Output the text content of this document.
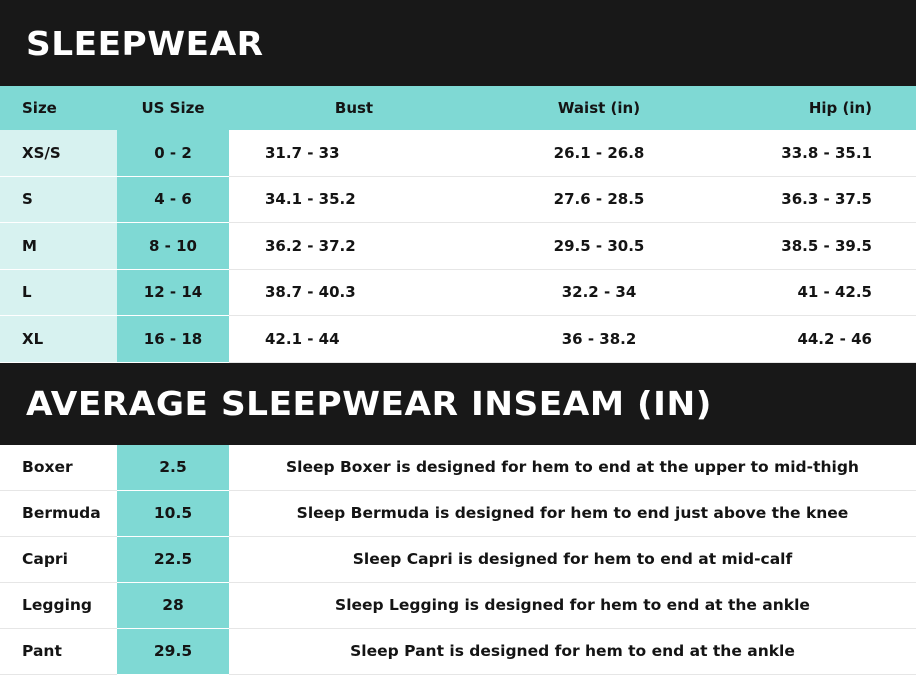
SLEEPWEAR
Size	US Size	Bust	Waist (in)	Hip (in)
XS/S	0 - 2	31.7 - 33	26.1 - 26.8	33.8 - 35.1
S	4 - 6	34.1 - 35.2	27.6 - 28.5	36.3 - 37.5
M	8 - 10	36.2 - 37.2	29.5 - 30.5	38.5 - 39.5
L	12 - 14	38.7 - 40.3	32.2 - 34	41 - 42.5
XL	16 - 18	42.1 - 44	36 - 38.2	44.2 - 46
AVERAGE SLEEPWEAR INSEAM (IN)
Boxer	2.5	Sleep Boxer is designed for hem to end at the upper to mid-thigh
Bermuda	10.5	Sleep Bermuda is designed for hem to end just above the knee
Capri	22.5	Sleep Capri is designed for hem to end at mid-calf
Legging	28	Sleep Legging is designed for hem to end at the ankle
Pant	29.5	Sleep Pant is designed for hem to end at the ankle
